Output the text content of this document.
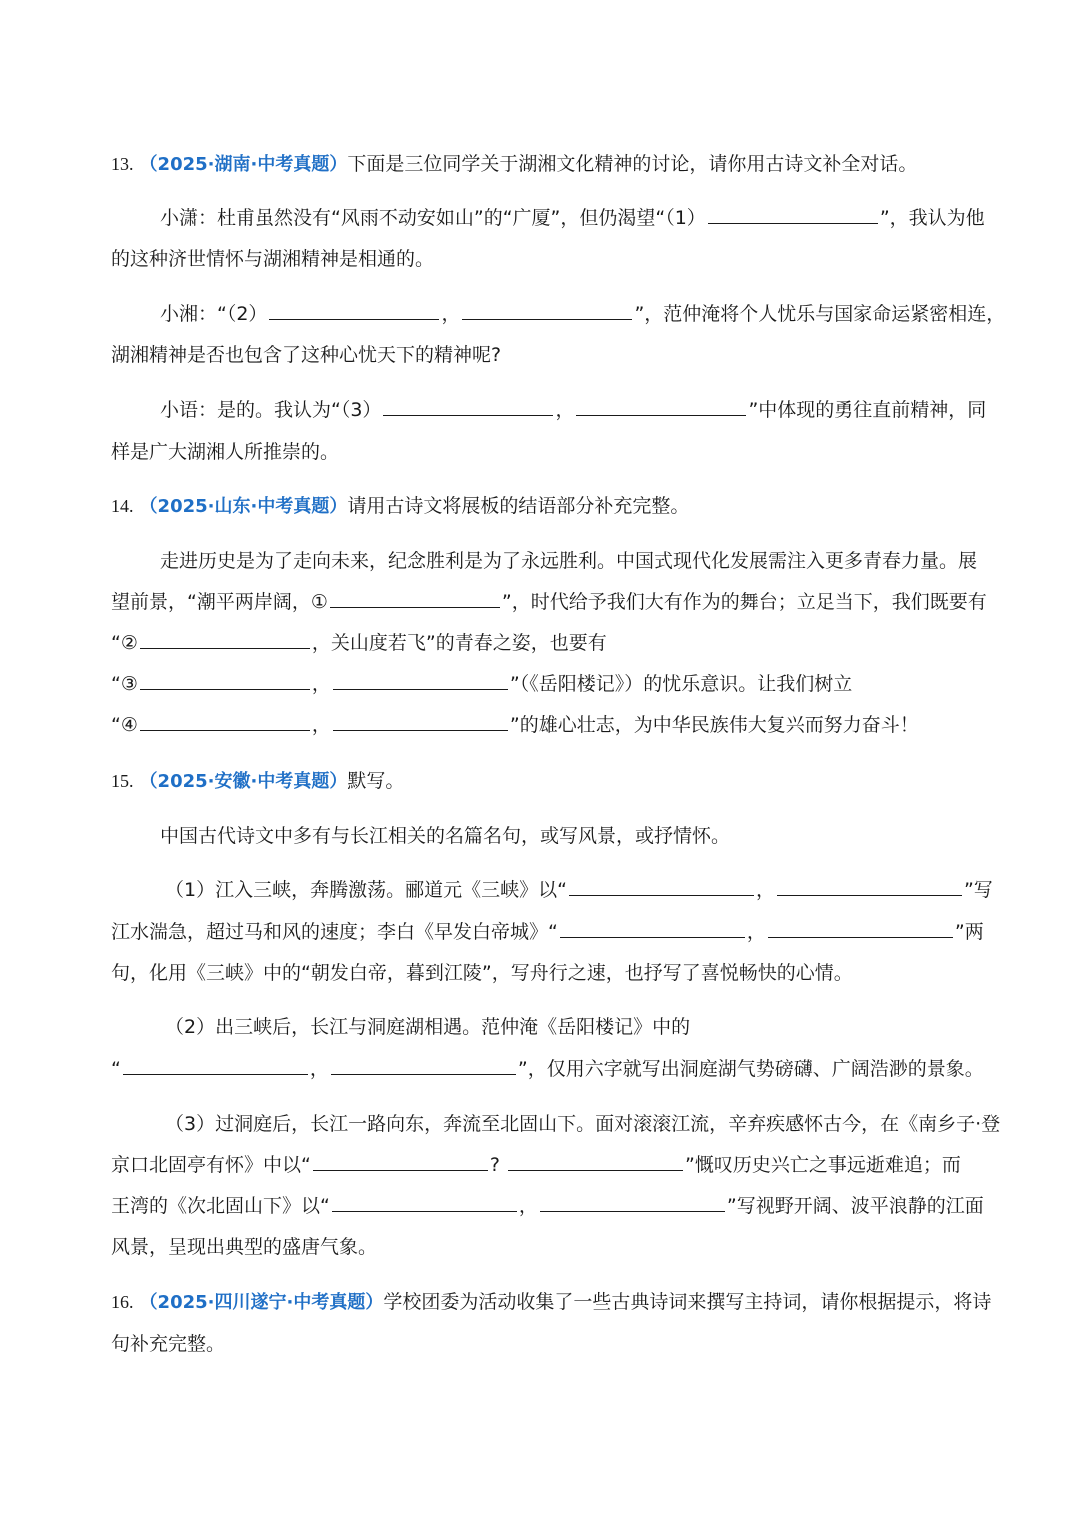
13. （2025·湖南·中考真题）下面是三位同学关于湖湘文化精神的讨论，请你用古诗文补全对话。
小潇：杜甫虽然没有“风雨不动安如山”的“广厦”，但仍渴望“（1）	”，我认为他
的这种济世情怀与湖湘精神是相通的。
小湘：“（2）	，	”，范仲淹将个人忧乐与国家命运紧密相连，
湖湘精神是否也包含了这种心忧天下的精神呢?
小语：是的。我认为“（3）	，	”中体现的勇往直前精神，同
样是广大湖湘人所推崇的。
14. （2025·山东·中考真题）请用古诗文将展板的结语部分补充完整。
走进历史是为了走向未来，纪念胜利是为了永远胜利。中国式现代化发展需注入更多青春力量。展
望前景，“潮平两岸阔，①	”，时代给予我们大有作为的舞台；立足当下，我们既要有
“②	，关山度若飞”的青春之姿，也要有
“③	，	”（《岳阳楼记》）的忧乐意识。让我们树立
“④	，	”的雄心壮志，为中华民族伟大复兴而努力奋斗！
15. （2025·安徽·中考真题）默写。
中国古代诗文中多有与长江相关的名篇名句，或写风景，或抒情怀。
（1）江入三峡，奔腾激荡。郦道元《三峡》以“	，	”写
江水湍急，超过马和风的速度；李白《早发白帝城》“	，	”两
句，化用《三峡》中的“朝发白帝，暮到江陵”，写舟行之速，也抒写了喜悦畅快的心情。
（2）出三峡后，长江与洞庭湖相遇。范仲淹《岳阳楼记》中的
“	，	”，仅用六字就写出洞庭湖气势磅礴、广阔浩渺的景象。
（3）过洞庭后，长江一路向东，奔流至北固山下。面对滚滚江流，辛弃疾感怀古今，在《南乡子·登
京口北固亭有怀》中以“	?	”慨叹历史兴亡之事远逝难追；而
王湾的《次北固山下》以“	，	”写视野开阔、波平浪静的江面
风景，呈现出典型的盛唐气象。
16. （2025·四川遂宁·中考真题）学校团委为活动收集了一些古典诗词来撰写主持词，请你根据提示，将诗
句补充完整。
